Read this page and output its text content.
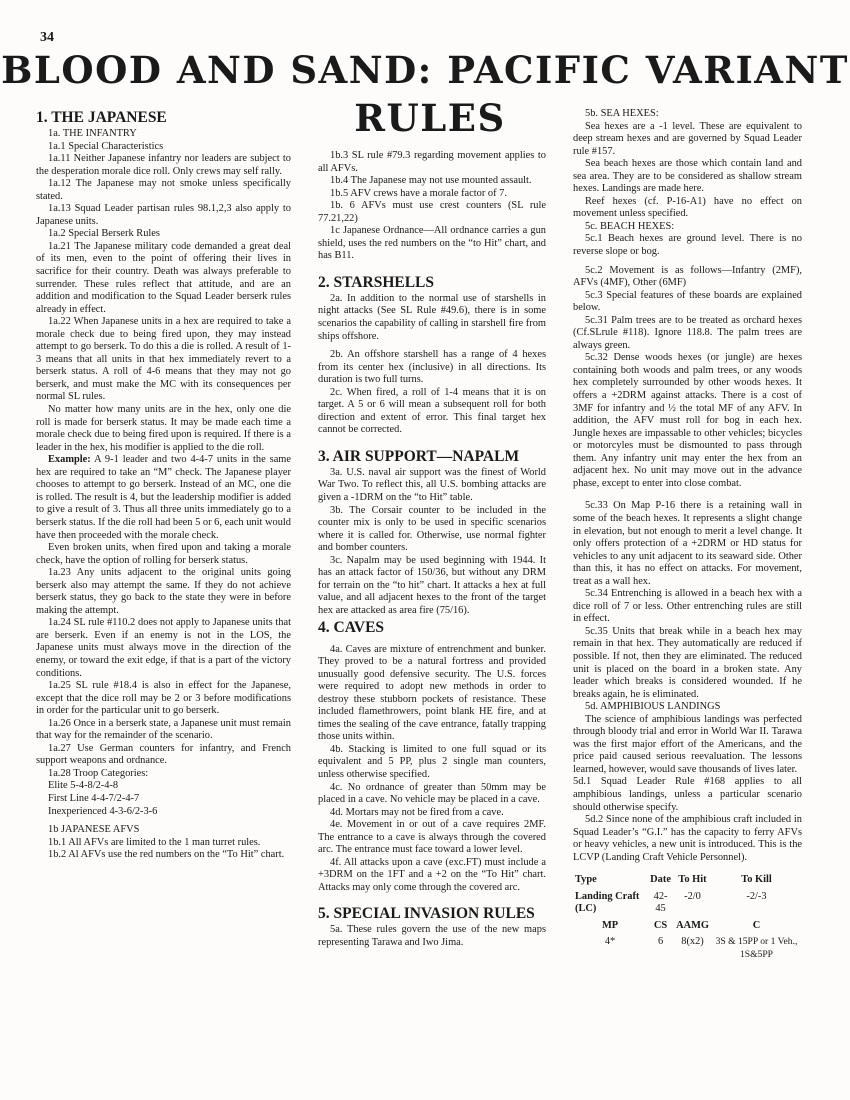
34
BLOOD AND SAND: PACIFIC VARIANT
RULES
1. THE JAPANESE

1a. THE INFANTRY

1a.1 Special Characteristics

1a.11 Neither Japanese infantry nor leaders are subject to the desperation morale dice roll. Only crews may self rally.

1a.12 The Japanese may not smoke unless specifically stated.

1a.13 Squad Leader partisan rules 98.1,2,3 also apply to Japanese units.

1a.2 Special Berserk Rules

1a.21 The Japanese military code demanded a great deal of its men, even to the point of offering their lives in sacrifice for their country. Death was always preferable to surrender. These rules reflect that attitude, and are an addition and modification to the Squad Leader berserk rules already in effect.

1a.22 When Japanese units in a hex are required to take a morale check due to being fired upon, they may instead attempt to go berserk. To do this a die is rolled. A result of 1-3 means that all units in that hex immediately revert to a berserk status. A roll of 4-6 means that they may not go berserk, and must make the MC with its consequences per normal SL rules.

No matter how many units are in the hex, only one die roll is made for berserk status. It may be made each time a morale check due to being fired upon is required. If there is a leader in the hex, his modifier is applied to the die roll.

Example: A 9-1 leader and two 4-4-7 units in the same hex are required to take an “M” check. The Japanese player chooses to attempt to go berserk. Instead of an MC, one die is rolled. The result is 4, but the leadership modifier is added to give a result of 3. Thus all three units immediately go to a berserk status. If the die roll had been 5 or 6, each unit would have then proceeded with the morale check.

Even broken units, when fired upon and taking a morale check, have the option of rolling for berserk status.

1a.23 Any units adjacent to the original units going berserk also may attempt the same. If they do not achieve berserk status, they go back to the state they were in before making the attempt.

1a.24 SL rule #110.2 does not apply to Japanese units that are berserk. Even if an enemy is not in the LOS, the Japanese units must always move in the direction of the enemy, or toward the exit edge, if that is a part of the victory conditions.

1a.25 SL rule #18.4 is also in effect for the Japanese, except that the dice roll may be 2 or 3 before modifications in order for the particular unit to go berserk.

1a.26 Once in a berserk state, a Japanese unit must remain that way for the remainder of the scenario.

1a.27 Use German counters for infantry, and French support weapons and ordnance.

1a.28 Troop Categories:

Elite 5-4-8/2-4-8

First Line 4-4-7/2-4-7

Inexperienced 4-3-6/2-3-6

1b JAPANESE AFVS

1b.1 All AFVs are limited to the 1 man turret rules.

1b.2 Al AFVs use the red numbers on the “To Hit” chart.

1b.3 SL rule #79.3 regarding movement applies to all AFVs.

1b.4 The Japanese may not use mounted assault.

1b.5 AFV crews have a morale factor of 7.

1b. 6 AFVs must use crest counters (SL rule 77.21,22)

1c Japanese Ordnance—All ordnance carries a gun shield, uses the red numbers on the “to Hit” chart, and has B11.

2. STARSHELLS

2a. In addition to the normal use of starshells in night attacks (See SL Rule #49.6), there is in some scenarios the capability of calling in starshell fire from ships offshore.

2b. An offshore starshell has a range of 4 hexes from its center hex (inclusive) in all directions. Its duration is two full turns.

2c. When fired, a roll of 1-4 means that it is on target. A 5 or 6 will mean a subsequent roll for both direction and extent of error. This final target hex cannot be corrected.

3. AIR SUPPORT—NAPALM

3a. U.S. naval air support was the finest of World War Two. To reflect this, all U.S. bombing attacks are given a -1DRM on the “to Hit” table.

3b. The Corsair counter to be included in the counter mix is only to be used in specific scenarios where it is called for. Otherwise, use normal fighter and bomber counters.

3c. Napalm may be used beginning with 1944. It has an attack factor of 150/36, but without any DRM for terrain on the “to hit” chart. It attacks a hex at full value, and all adjacent hexes to the front of the target hex are attacked as area fire (75/16).

4. CAVES

4a. Caves are mixture of entrenchment and bunker. They proved to be a natural fortress and provided unusually good defensive security. The U.S. forces were required to adopt new methods in order to destroy these stubborn pockets of resistance. These included flamethrowers, point blank HE fire, and at times the sealing of the cave entrance, fatally trapping those units within.

4b. Stacking is limited to one full squad or its equivalent and 5 PP, plus 2 single man counters, unless otherwise specified.

4c. No ordnance of greater than 50mm may be placed in a cave. No vehicle may be placed in a cave.

4d. Mortars may not be fired from a cave.

4e. Movement in or out of a cave requires 2MF. The entrance to a cave is always through the covered arc. The entrance must face toward a lower level.

4f. All attacks upon a cave (exc.FT) must include a +3DRM on the 1FT and a +2 on the “To Hit” chart. Attacks may only come through the covered arc.

5. SPECIAL INVASION RULES

5a. These rules govern the use of the new maps representing Tarawa and Iwo Jima.

5b. SEA HEXES:

Sea hexes are a -1 level. These are equivalent to deep stream hexes and are governed by Squad Leader rule #157.

Sea beach hexes are those which contain land and sea area. They are to be considered as shallow stream hexes. Landings are made here.

Reef hexes (cf. P-16-A1) have no effect on movement unless specified.

5c. BEACH HEXES:

5c.1 Beach hexes are ground level. There is no reverse slope or bog.

5c.2 Movement is as follows—Infantry (2MF), AFVs (4MF), Other (6MF)

5c.3 Special features of these boards are explained below.

5c.31 Palm trees are to be treated as orchard hexes (Cf.SLrule #118). Ignore 118.8. The palm trees are always green.

5c.32 Dense woods hexes (or jungle) are hexes containing both woods and palm trees, or any woods hex completely surrounded by other woods hexes. It offers a +2DRM against attacks. There is a cost of 3MF for infantry and ½ the total MF of any AFV. In addition, the AFV must roll for bog in each hex. Jungle hexes are impassable to other vehicles; bicycles or motorcyles must be dismounted to pass through them. Any infantry unit may enter the hex from an adjacent hex. No unit may move out in the advance phase, except to enter into close combat.

5c.33 On Map P-16 there is a retaining wall in some of the beach hexes. It represents a slight change in elevation, but not enough to merit a level change. It only offers protection of a +2DRM or HD status for vehicles to any unit adjacent to its seaward side. Other than this, it has no effect on attacks. For movement, treat as a wall hex.

5c.34 Entrenching is allowed in a beach hex with a dice roll of 7 or less. Other entrenching rules are still in effect.

5c.35 Units that break while in a beach hex may remain in that hex. They automatically are reduced if possible. If not, then they are eliminated. The reduced unit is placed on the board in a broken state. Any leader which breaks is considered wounded. If he breaks again, he is eliminated.

5d. AMPHIBIOUS LANDINGS

The science of amphibious landings was perfected through bloody trial and error in World War II. Tarawa was the first major effort of the Americans, and the price paid caused serious reevaluation. The lessons learned, however, would save thousands of lives later.

5d.1 Squad Leader Rule #168 applies to all amphibious landings, unless a particular scenario should otherwise specify.

5d.2 Since none of the amphibious craft included in Squad Leader’s “G.I.” has the capacity to ferry AFVs or heavy vehicles, a new unit is introduced. This is the LCVP (Landing Craft Vehicle Personnel).

Type	Date	To Hit	To Kill
Landing Craft (LC)	42-45	-2/0	-2/-3
MP	CS	AAMG	C
4*	6	8(x2)	3S & 15PP or 1 Veh., 1S&5PP
